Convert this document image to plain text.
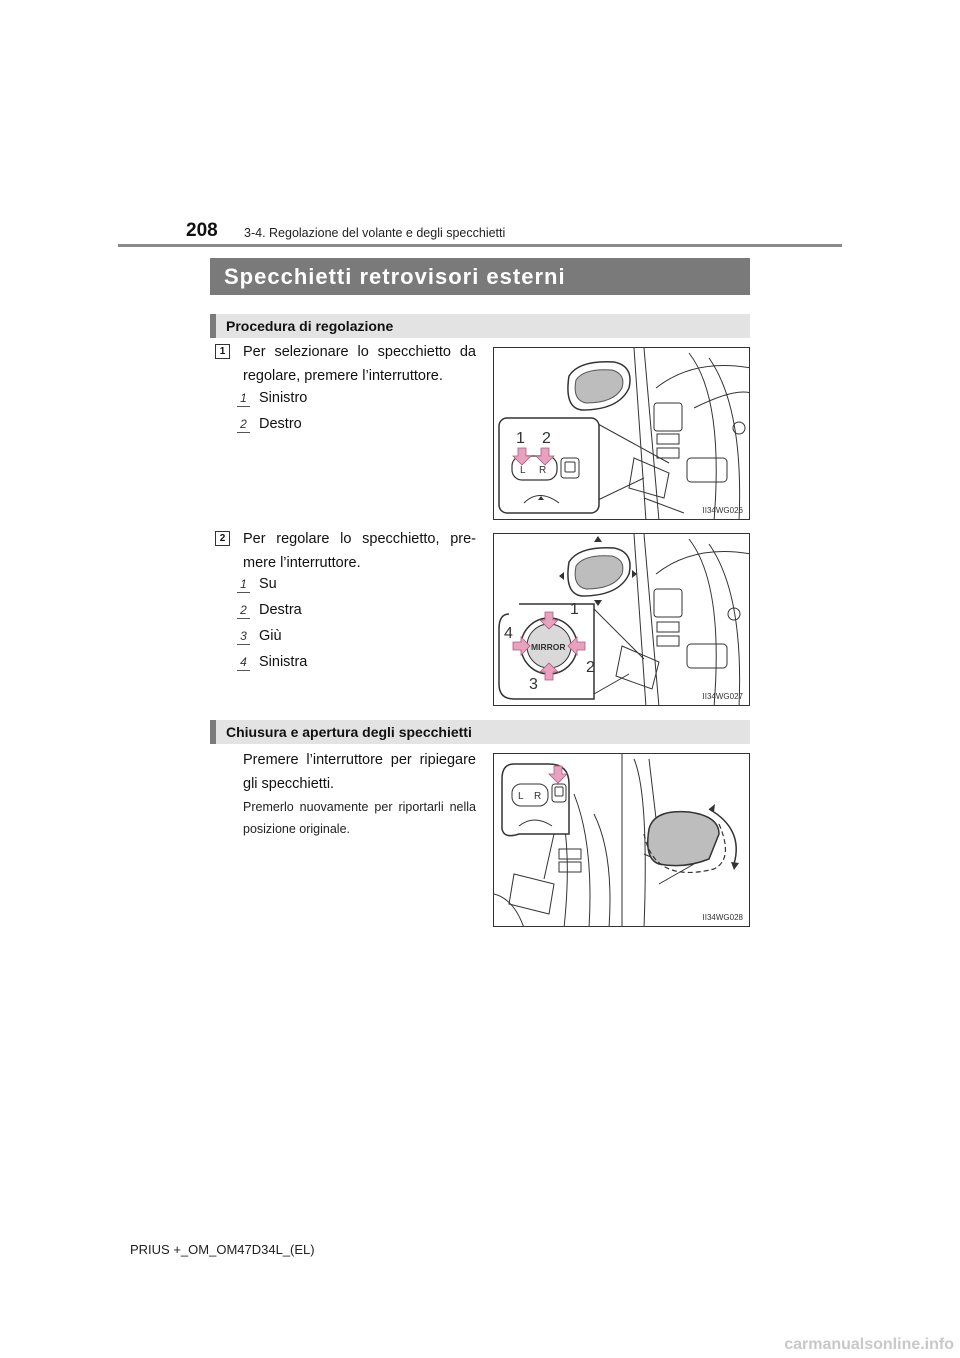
208 3-4. Regolazione del volante e degli specchietti
Specchietti retrovisori esterni
Procedura di regolazione
1	Per selezionare lo specchietto da regolare, premere l’interruttore.
1 Sinistro
2 Destro
1 2
L R
II34WG026
2	Per regolare lo specchietto, pre-mere l’interruttore.
1 Su
2 Destra
3 Giù
4 Sinistra
MIRROR
1
2
3
4
II34WG027
Chiusura e apertura degli specchietti
Premere l’interruttore per ripiegare gli specchietti.
Premerlo nuovamente per riportarli nella posizione originale.
L R
II34WG028
PRIUS +_OM_OM47D34L_(EL)
carmanualsonline.info
